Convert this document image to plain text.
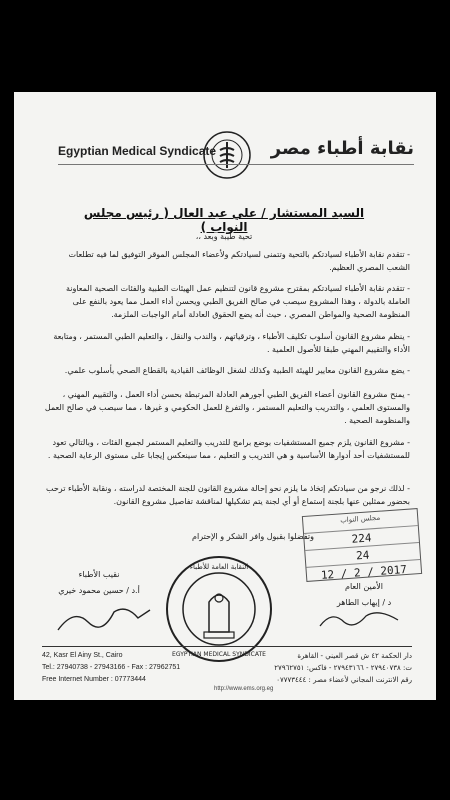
Egyptian Medical Syndicate	نقابة أطباء مصر
السيد المستشار / علي عبد العال ( رئيس مجلس النواب )
تحية طيبة وبعد ،،
- تتقدم نقابة الأطباء لسيادتكم بالتحية وتتمنى لسيادتكم ولأعضاء المجلس الموقر التوفيق لما فيه تطلعات الشعب المصري العظيم.
- تتقدم نقابة الأطباء لسيادتكم بمقترح مشروع قانون لتنظيم عمل الهيئات الطبية والفئات الصحية المعاونة العاملة بالدولة ، وهذا المشروع سيصب في صالح الفريق الطبي ويحسن أداء العمل مما يعود بالنفع على المنظومة الصحية والمواطن المصري ، حيث أنه يضع الحقوق العادلة أمام الواجبات الملزمة.
- ينظم مشروع القانون أسلوب تكليف الأطباء ، وترقياتهم ، والندب والنقل ، والتعليم الطبي المستمر ، ومتابعة الأداء والتقييم المهني طبقا للأصول العلمية .
- يضع مشروع القانون معايير للهيئة الطبية وكذلك لشغل الوظائف القيادية بالقطاع الصحي بأسلوب علمي.
- يمنح مشروع القانون أعضاء الفريق الطبي أجورهم العادلة المرتبطة بحسن أداء العمل ، والتقييم المهني ، والمستوى العلمي ، والتدريب والتعليم المستمر ، والتفرغ للعمل الحكومي و غيرها ، مما سيصب في صالح العمل والمنظومة الصحية .
- مشروع القانون يلزم جميع المستشفيات بوضع برامج للتدريب والتعليم المستمر لجميع الفئات ، وبالتالي تعود للمستشفيات أحد أدوارها الأساسية و هي التدريب و التعليم ، مما سينعكس إيجابا على مستوى الرعاية الصحية .
- لذلك نرجو من سيادتكم إتخاذ ما يلزم نحو إحالة مشروع القانون للجنة المختصة لدراسته ، ونقابة الأطباء ترحب بحضور ممثلين عنها بلجنة إستماع أو أي لجنة يتم تشكيلها لمناقشة تفاصيل مشروع القانون.
وتفضلوا بقبول وافر الشكر و الإحترام
مجلس النواب
224
24
2017 / 2 / 12
نقيب الأطباء
أ.د / حسين محمود خيري
النقابة العامة للأطباء
EGYPTIAN MEDICAL SYNDICATE
الأمين العام
د / إيهاب الطاهر
42, Kasr El Ainy St., Cairo
Tel.: 27940738 - 27943166 - Fax : 27962751
Free Internet Number : 07773444
دار الحكمة ٤٢ ش قصر العيني - القاهرة
ت: ٢٧٩٤٠٧٣٨ - ٢٧٩٤٣١٦٦ - فاكس: ٢٧٩٦٢٧٥١
رقم الانترنت المجاني لأعضاء مصر : ٠٧٧٧٣٤٤٤
http://www.ems.org.eg
